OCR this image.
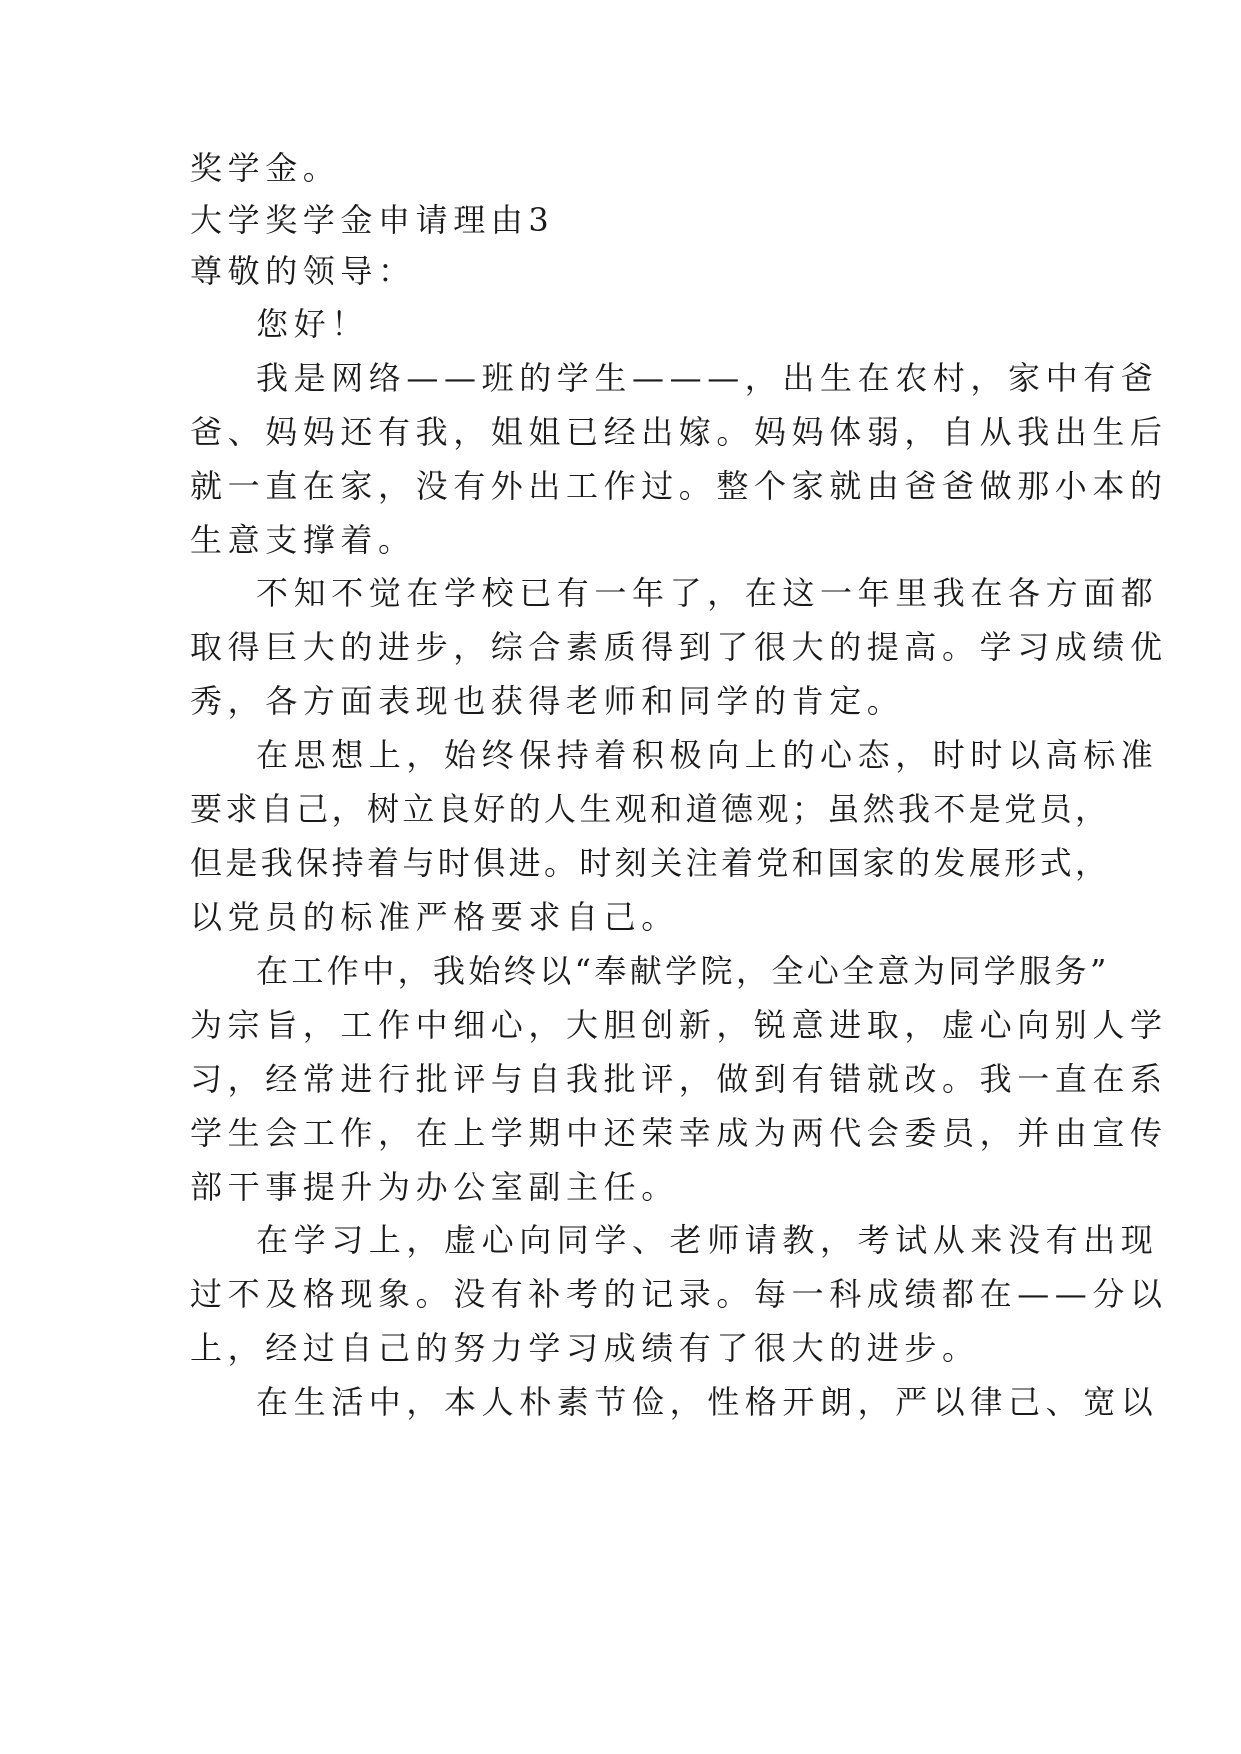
奖学金。
大学奖学金申请理由3
尊敬的领导：
您好！
我是网络——班的学生———，出生在农村，家中有爸
爸、妈妈还有我，姐姐已经出嫁。妈妈体弱，自从我出生后
就一直在家，没有外出工作过。整个家就由爸爸做那小本的
生意支撑着。
不知不觉在学校已有一年了，在这一年里我在各方面都
取得巨大的进步，综合素质得到了很大的提高。学习成绩优
秀，各方面表现也获得老师和同学的肯定。
在思想上，始终保持着积极向上的心态，时时以高标准
要求自己，树立良好的人生观和道德观；虽然我不是党员，
但是我保持着与时俱进。时刻关注着党和国家的发展形式，
以党员的标准严格要求自己。
在工作中，我始终以“奉献学院，全心全意为同学服务”
为宗旨，工作中细心，大胆创新，锐意进取，虚心向别人学
习，经常进行批评与自我批评，做到有错就改。我一直在系
学生会工作，在上学期中还荣幸成为两代会委员，并由宣传
部干事提升为办公室副主任。
在学习上，虚心向同学、老师请教，考试从来没有出现
过不及格现象。没有补考的记录。每一科成绩都在——分以
上，经过自己的努力学习成绩有了很大的进步。
在生活中，本人朴素节俭，性格开朗，严以律己、宽以
